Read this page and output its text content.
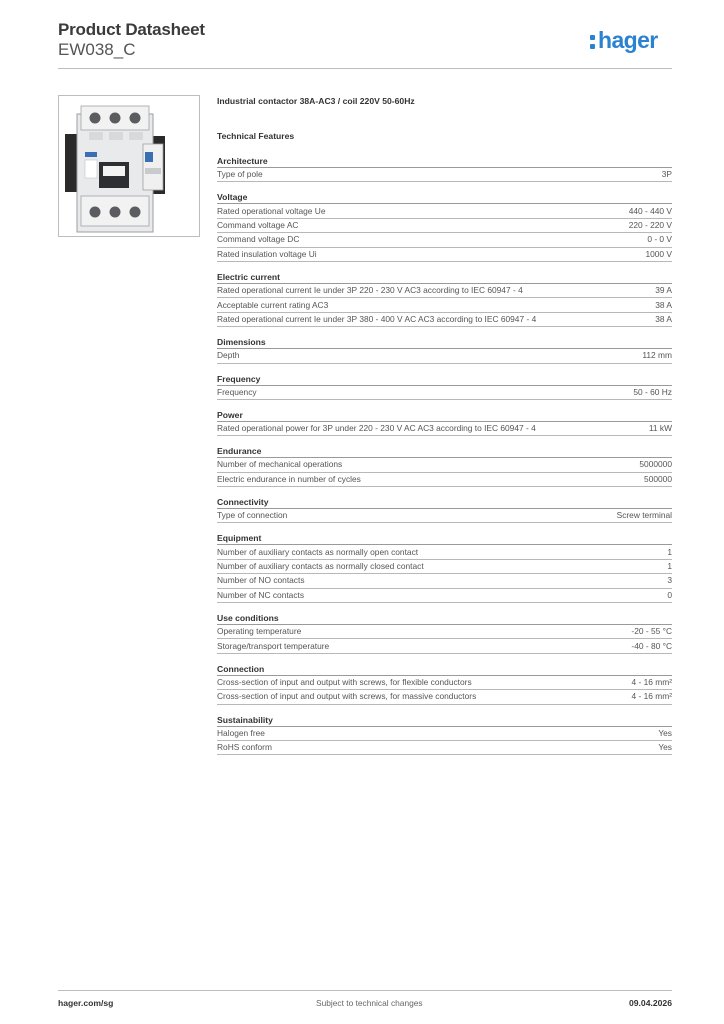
Product Datasheet
EW038_C	hager
Industrial contactor 38A-AC3 / coil 220V 50-60Hz
Technical Features
Architecture
Type of pole	3P
Voltage
Rated operational voltage Ue	440 - 440 V
Command voltage AC	220 - 220 V
Command voltage DC	0 - 0 V
Rated insulation voltage Ui	1000 V
Electric current
Rated operational current Ie under 3P 220 - 230 V AC3 according to IEC 60947 - 4	39 A
Acceptable current rating AC3	38 A
Rated operational current Ie under 3P 380 - 400 V AC AC3 according to IEC 60947 - 4	38 A
Dimensions
Depth	112 mm
Frequency
Frequency	50 - 60 Hz
Power
Rated operational power for 3P under 220 - 230 V AC AC3 according to IEC 60947 - 4	11 kW
Endurance
Number of mechanical operations	5000000
Electric endurance in number of cycles	500000
Connectivity
Type of connection	Screw terminal
Equipment
Number of auxiliary contacts as normally open contact	1
Number of auxiliary contacts as normally closed contact	1
Number of NO contacts	3
Number of NC contacts	0
Use conditions
Operating temperature	-20 - 55 °C
Storage/transport temperature	-40 - 80 °C
Connection
Cross-section of input and output with screws, for flexible conductors	4 - 16 mm²
Cross-section of input and output with screws, for massive conductors	4 - 16 mm²
Sustainability
Halogen free	Yes
RoHS conform	Yes
hager.com/sg	Subject to technical changes	09.04.2026
